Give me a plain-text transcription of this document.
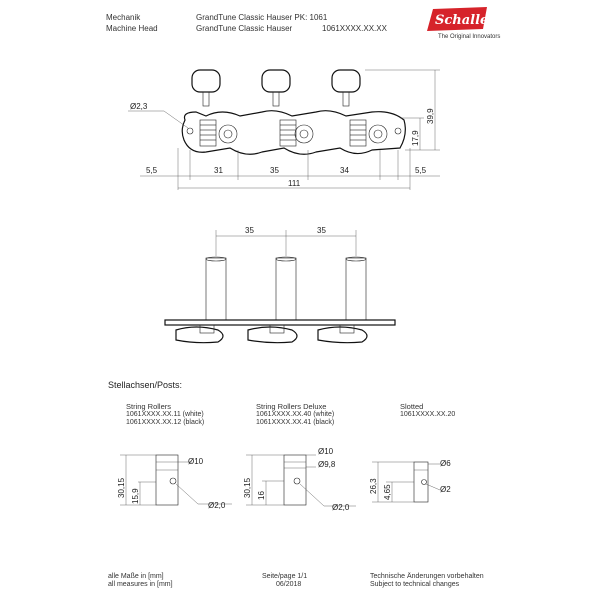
Mechanik
Machine Head
GrandTune Classic Hauser PK: 1061
GrandTune Classic Hauser	1061XXXX.XX.XX
Schaller
The Original Innovators
Ø2,3
5,5	31	35	34	5,5
111
39,9
17,9
35	35
30,15 15,9
Ø10
Ø2,0
30,15 16
Ø10
Ø9,8
Ø2,0
26,3 4,65
Ø6
Ø2
Stellachsen/Posts:
String Rollers
1061XXXX.XX.11 (white)
1061XXXX.XX.12 (black)
String Rollers Deluxe
1061XXXX.XX.40 (white)
1061XXXX.XX.41 (black)
Slotted
1061XXXX.XX.20
alle Maße in [mm]
all measures in [mm]
Seite/page 1/1
06/2018
Technische Änderungen vorbehalten
Subject to technical changes
